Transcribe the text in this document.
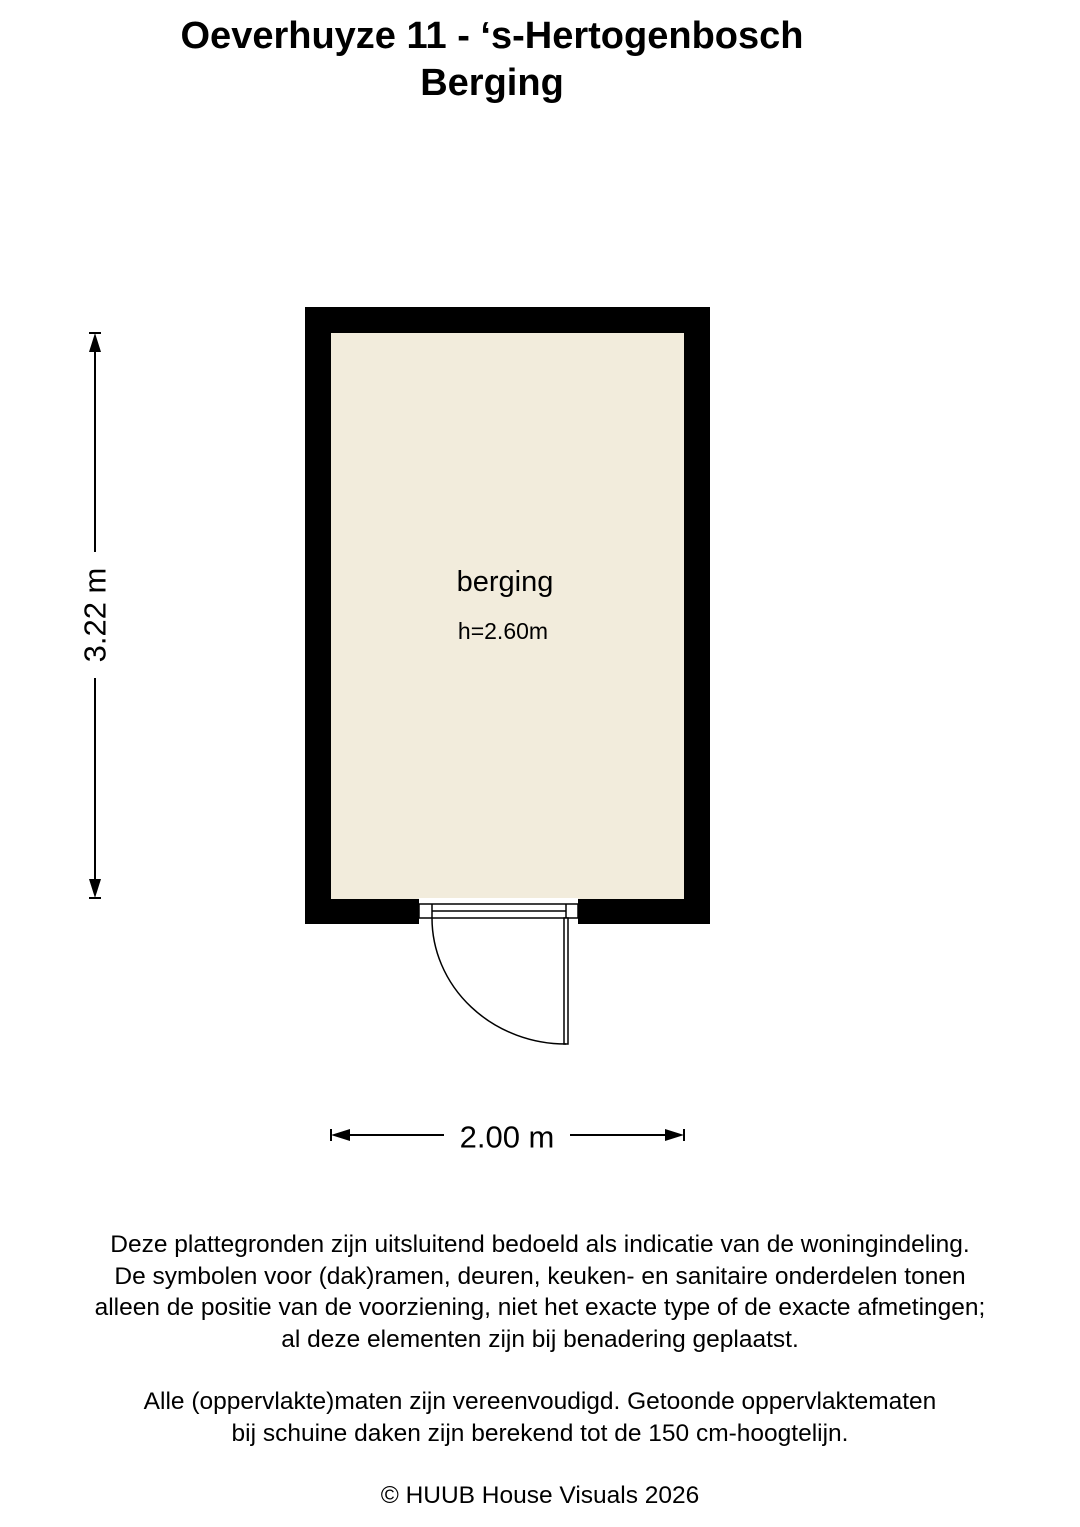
Oeverhuyze 11 - ‘s-Hertogenbosch
Berging
3.22 m
2.00 m
berging
h=2.60m
Deze plattegronden zijn uitsluitend bedoeld als indicatie van de woningindeling.
De symbolen voor (dak)ramen, deuren, keuken- en sanitaire onderdelen tonen
alleen de positie van de voorziening, niet het exacte type of de exacte afmetingen;
al deze elementen zijn bij benadering geplaatst.
Alle (oppervlakte)maten zijn vereenvoudigd. Getoonde oppervlaktematen
bij schuine daken zijn berekend tot de 150 cm-hoogtelijn.
© HUUB House Visuals 2026
